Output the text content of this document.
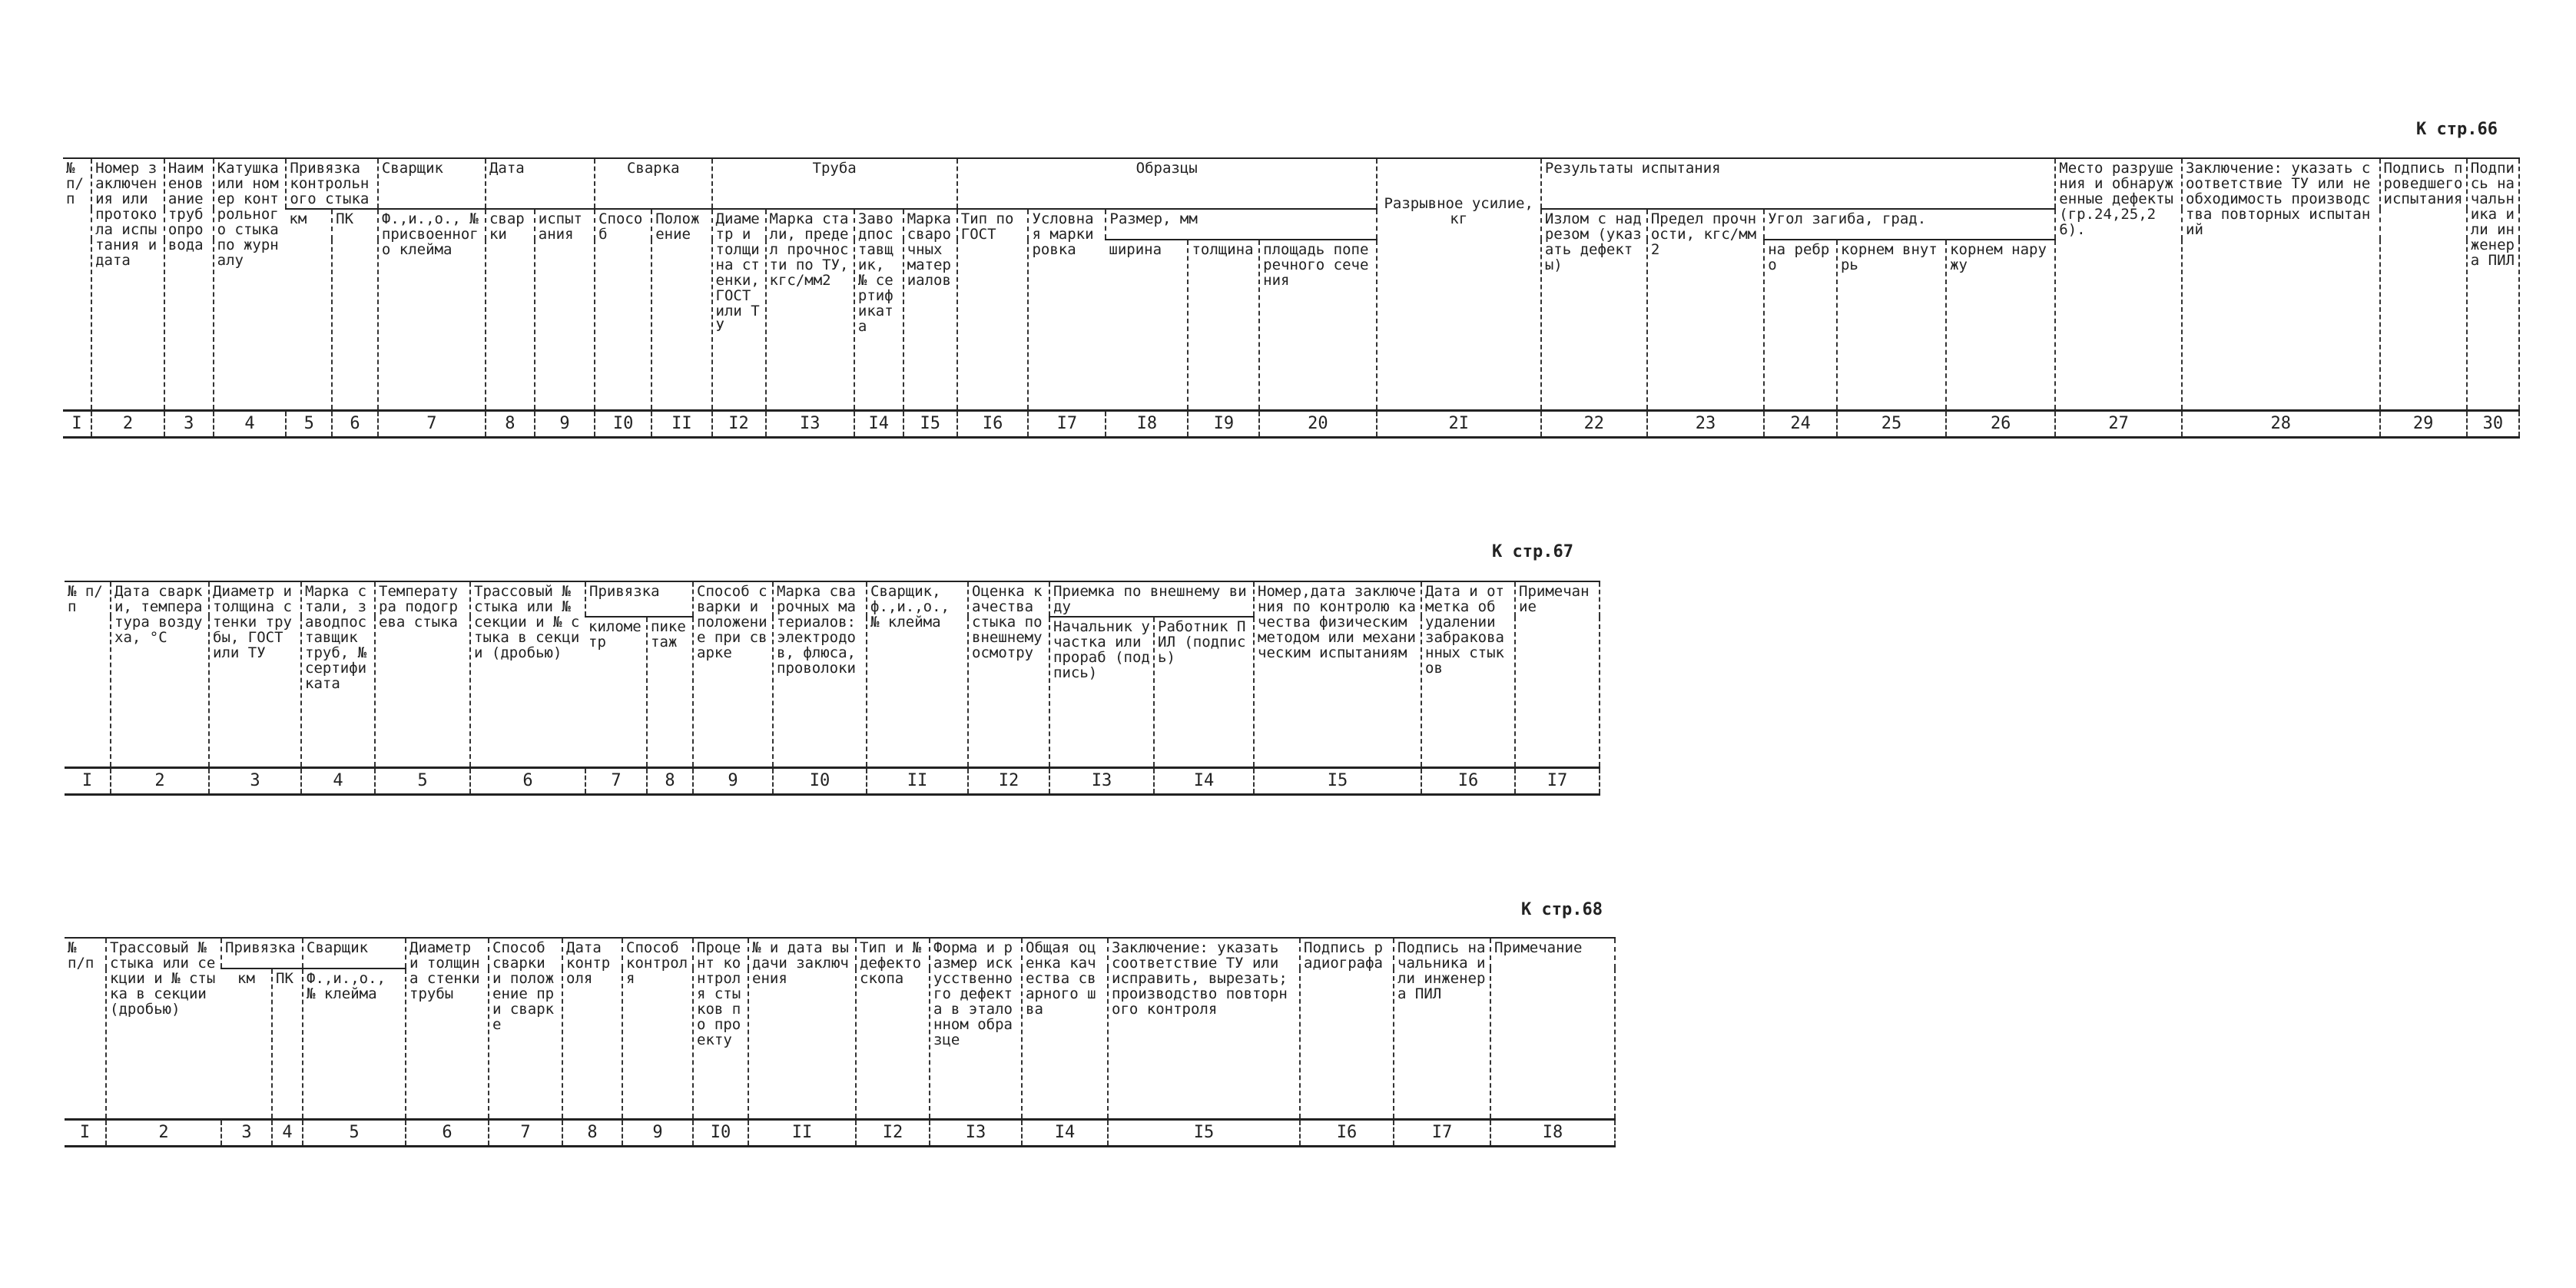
К стр.66
№ п/п	Номер заключения или протокола испытания и дата	Наименование трубопровода	Катушка или номер контрольного стыка по журналу	Привязка контрольного стыка		Сварщик	Дата		Сварка		Труба				Образцы					Разрывное усилие, кг	Результаты испытания					Место разрушения и обнаруженные дефекты (гр.24,25,26).	Заключение: указать соответствие ТУ или необходимость производства повторных испытаний	Подпись проведшего испытания	Подпись начальника или инженера ПИЛ
				км	ПК	Ф.,и.,о., № присвоенного клейма	сварки	испытания	Способ	Положение	Диаметр и толщина стенки, ГОСТ или ТУ	Марка стали, предел прочности по ТУ, кгс/мм2	Заводпоставщик, № сертификата	Марка сварочных материалов	Тип по ГОСТ	Условная маркировка	Размер, мм				Излом с надрезом (указать дефекты)	Предел прочности, кгс/мм2	Угол загиба, град.						
																	ширина	толщина	площадь поперечного сечения				на ребро	корнем внутрь	корнем наружу				
I	2	3	4	5	6	7	8	9	I0	II	I2	I3	I4	I5	I6	I7	I8	I9	20	2I	22	23	24	25	26	27	28	29	30
К стр.67
№ п/п	Дата сварки, температура воздуха, °С	Диаметр и толщина стенки трубы, ГОСТ или ТУ	Марка стали, заводпоставщик труб, № сертификата	Температура подогрева стыка	Трассовый № стыка или № секции и № стыка в секции (дробью)	Привязка		Способ сварки и положение при сварке	Марка сварочных материалов: электродов, флюса, проволоки	Сварщик, ф.,и.,о., № клейма	Оценка качества стыка по внешнему осмотру	Приемка по внешнему виду		Номер,дата заключения по контролю качества физическим методом или механическим испытаниям	Дата и отметка об удалении забракованных стыков	Примечание
						километр	пикетаж					Начальник участка или прораб (подпись)	Работник ПИЛ (подпись)			
I	2	3	4	5	6	7	8	9	I0	II	I2	I3	I4	I5	I6	I7
К стр.68
№ п/п	Трассовый № стыка или секции и № стыка в секции (дробью)	Привязка		Сварщик	Диаметр и толщина стенки трубы	Способ сварки и положение при сварке	Дата контроля	Способ контроля	Процент контроля стыков по проекту	№ и дата выдачи заключения	Тип и № дефектоскопа	Форма и размер искусственного дефекта в эталонном образце	Общая оценка качества сварного шва	Заключение: указать соответствие ТУ или исправить, вырезать; производство повторного контроля	Подпись радиографа	Подпись начальника или инженера ПИЛ	Примечание
		км	ПК	Ф.,и.,о., № клейма													
I	2	3	4	5	6	7	8	9	I0	II	I2	I3	I4	I5	I6	I7	I8
